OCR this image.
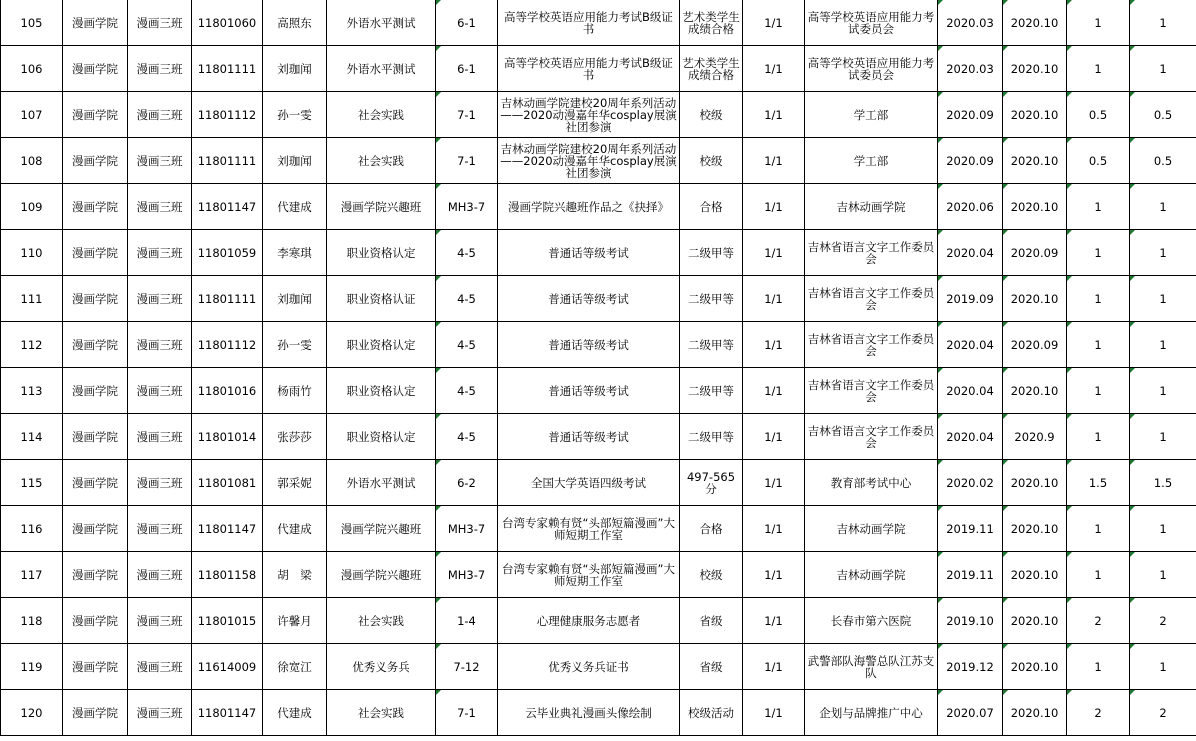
105	漫画学院	漫画三班	11801060	高照东	外语水平测试	6-1	高等学校英语应用能力考试B级证书	艺术类学生成绩合格	1/1	高等学校英语应用能力考试委员会	2020.03	2020.10	1	1
106	漫画学院	漫画三班	11801111	刘珈闻	外语水平测试	6-1	高等学校英语应用能力考试B级证书	艺术类学生成绩合格	1/1	高等学校英语应用能力考试委员会	2020.03	2020.10	1	1
107	漫画学院	漫画三班	11801112	孙一雯	社会实践	7-1	吉林动画学院建校20周年系列活动——2020动漫嘉年华cosplay展演社团参演	校级	1/1	学工部	2020.09	2020.10	0.5	0.5
108	漫画学院	漫画三班	11801111	刘珈闻	社会实践	7-1	吉林动画学院建校20周年系列活动——2020动漫嘉年华cosplay展演社团参演	校级	1/1	学工部	2020.09	2020.10	0.5	0.5
109	漫画学院	漫画三班	11801147	代建成	漫画学院兴趣班	MH3-7	漫画学院兴趣班作品之《抉择》	合格	1/1	吉林动画学院	2020.06	2020.10	1	1
110	漫画学院	漫画三班	11801059	李寒琪	职业资格认定	4-5	普通话等级考试	二级甲等	1/1	吉林省语言文字工作委员会	2020.04	2020.09	1	1
111	漫画学院	漫画三班	11801111	刘珈闻	职业资格认证	4-5	普通话等级考试	二级甲等	1/1	吉林省语言文字工作委员会	2019.09	2020.10	1	1
112	漫画学院	漫画三班	11801112	孙一雯	职业资格认定	4-5	普通话等级考试	二级甲等	1/1	吉林省语言文字工作委员会	2020.04	2020.09	1	1
113	漫画学院	漫画三班	11801016	杨雨竹	职业资格认定	4-5	普通话等级考试	二级甲等	1/1	吉林省语言文字工作委员会	2020.04	2020.10	1	1
114	漫画学院	漫画三班	11801014	张莎莎	职业资格认定	4-5	普通话等级考试	二级甲等	1/1	吉林省语言文字工作委员会	2020.04	2020.9	1	1
115	漫画学院	漫画三班	11801081	郭采妮	外语水平测试	6-2	全国大学英语四级考试	497-565分	1/1	教育部考试中心	2020.02	2020.10	1.5	1.5
116	漫画学院	漫画三班	11801147	代建成	漫画学院兴趣班	MH3-7	台湾专家赖有贤“头部短篇漫画”大师短期工作室	合格	1/1	吉林动画学院	2019.11	2020.10	1	1
117	漫画学院	漫画三班	11801158	胡　梁	漫画学院兴趣班	MH3-7	台湾专家赖有贤“头部短篇漫画”大师短期工作室	校级	1/1	吉林动画学院	2019.11	2020.10	1	1
118	漫画学院	漫画三班	11801015	许馨月	社会实践	1-4	心理健康服务志愿者	省级	1/1	长春市第六医院	2019.10	2020.10	2	2
119	漫画学院	漫画三班	11614009	徐宽江	优秀义务兵	7-12	优秀义务兵证书	省级	1/1	武警部队海警总队江苏支队	2019.12	2020.10	1	1
120	漫画学院	漫画三班	11801147	代建成	社会实践	7-1	云毕业典礼漫画头像绘制	校级活动	1/1	企划与品牌推广中心	2020.07	2020.10	2	2
